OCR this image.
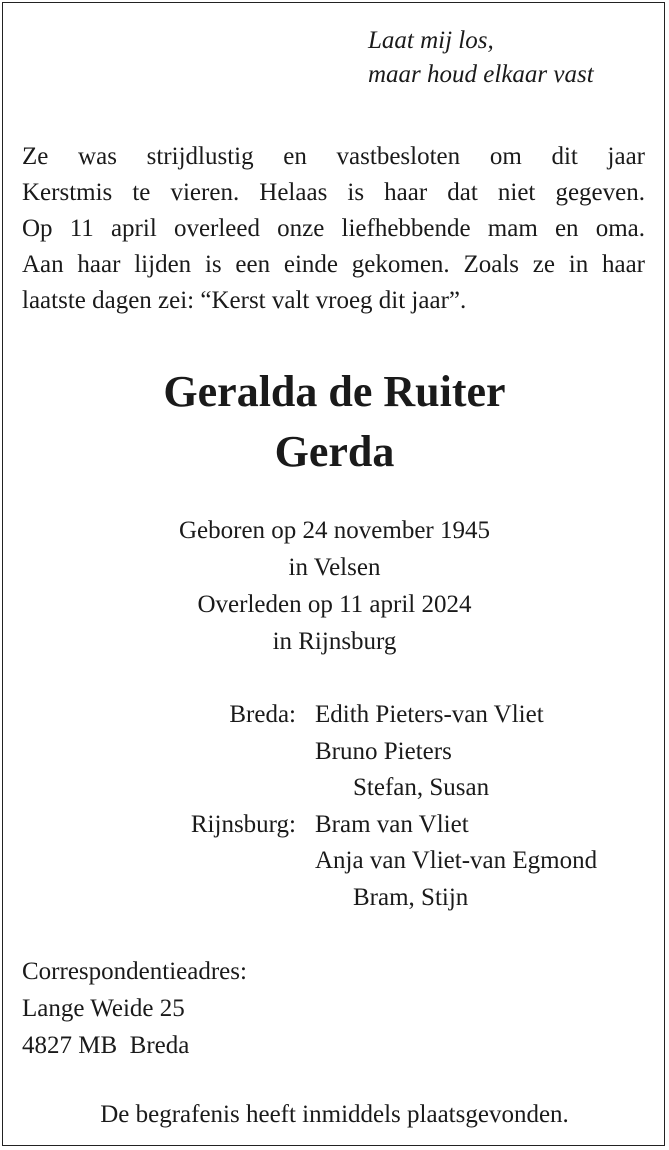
Laat mij los,
maar houd elkaar vast
Ze was strijdlustig en vastbesloten om dit jaar
Kerstmis te vieren. Helaas is haar dat niet gegeven.
Op 11 april overleed onze liefhebbende mam en oma.
Aan haar lijden is een einde gekomen. Zoals ze in haar
laatste dagen zei: “Kerst valt vroeg dit jaar”.
Geralda de Ruiter
Gerda
Geboren op 24 november 1945
in Velsen
Overleden op 11 april 2024
in Rijnsburg
Breda: Edith Pieters-van Vliet
Bruno Pieters
Stefan, Susan
Rijnsburg: Bram van Vliet
Anja van Vliet-van Egmond
Bram, Stijn
Correspondentieadres:
Lange Weide 25
4827 MB  Breda
De begrafenis heeft inmiddels plaatsgevonden.
